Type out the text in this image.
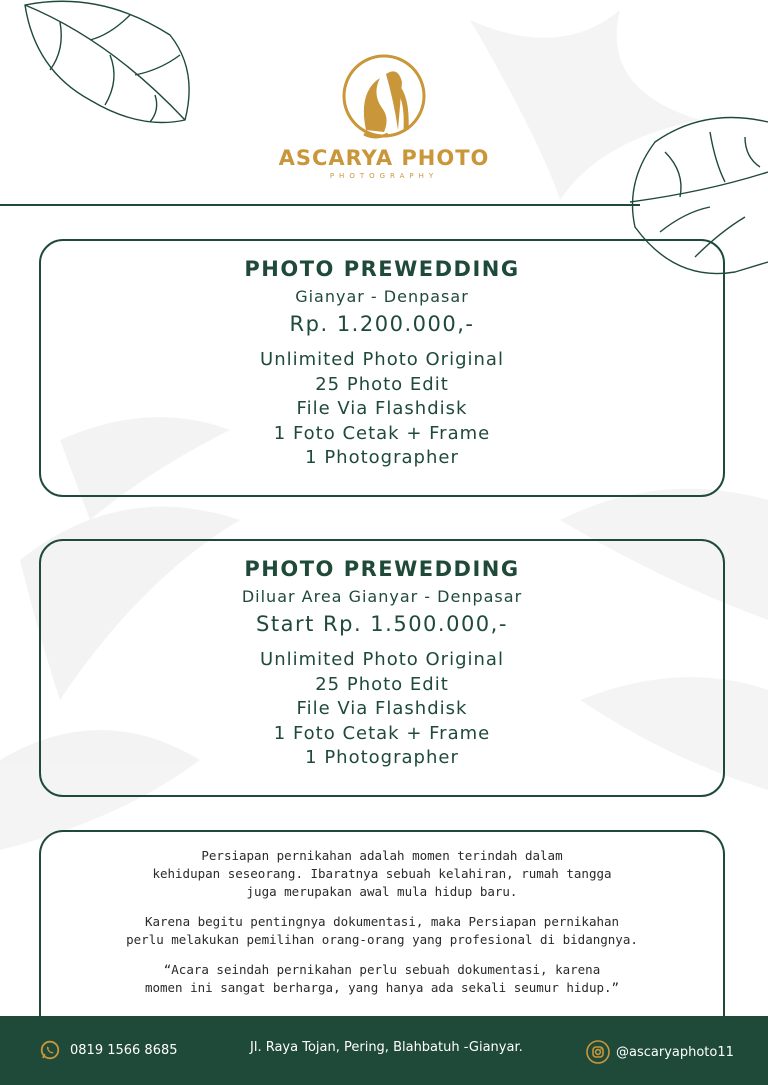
ASCARYA PHOTO
PHOTOGRAPHY
PHOTO PREWEDDING
Gianyar - Denpasar
Rp. 1.200.000,-
Unlimited Photo Original
25 Photo Edit
File Via Flashdisk
1 Foto Cetak + Frame
1 Photographer
PHOTO PREWEDDING
Diluar Area Gianyar - Denpasar
Start Rp. 1.500.000,-
Unlimited Photo Original
25 Photo Edit
File Via Flashdisk
1 Foto Cetak + Frame
1 Photographer
Persiapan pernikahan adalah momen terindah dalam
kehidupan seseorang. Ibaratnya sebuah kelahiran, rumah tangga
juga merupakan awal mula hidup baru.
Karena begitu pentingnya dokumentasi, maka Persiapan pernikahan
perlu melakukan pemilihan orang-orang yang profesional di bidangnya.
“Acara seindah pernikahan perlu sebuah dokumentasi, karena
momen ini sangat berharga, yang hanya ada sekali seumur hidup.”
0819 1566 8685	Jl. Raya Tojan, Pering, Blahbatuh -Gianyar.	@ascaryaphoto11
